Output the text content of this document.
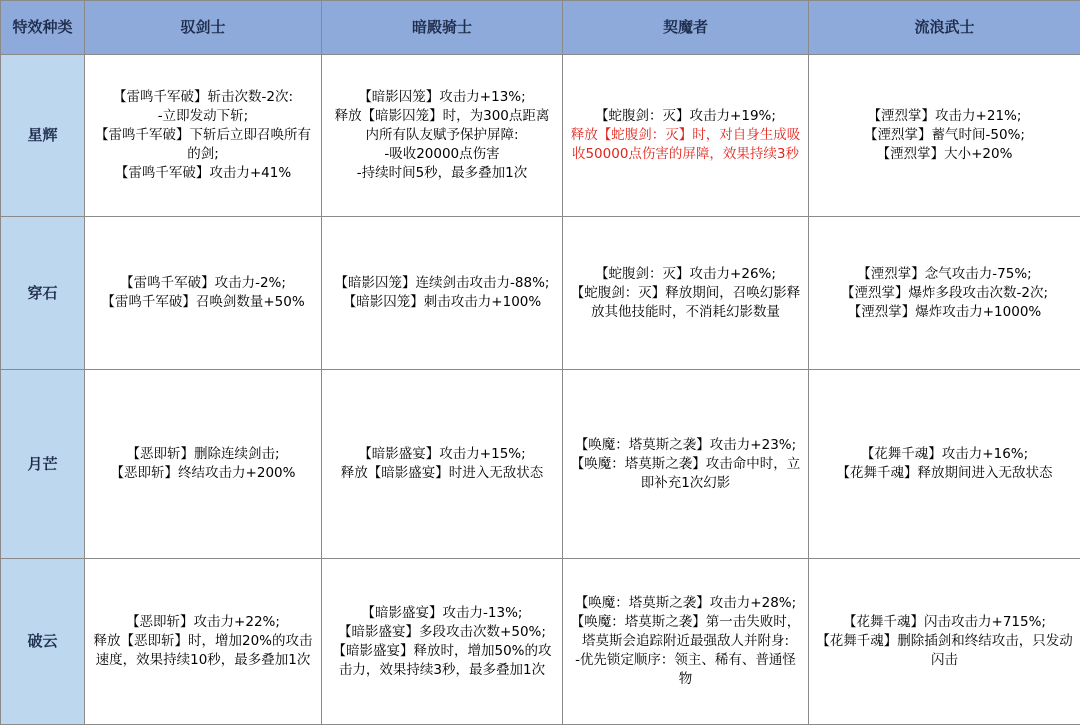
特效种类	驭剑士	暗殿骑士	契魔者	流浪武士
星辉	【雷鸣千军破】斩击次数-2次:
-立即发动下斩;
【雷鸣千军破】下斩后立即召唤所有的剑;
【雷鸣千军破】攻击力+41%	【暗影囚笼】攻击力+13%;
释放【暗影囚笼】时，为300点距离内所有队友赋予保护屏障:
-吸收20000点伤害
-持续时间5秒，最多叠加1次	【蛇腹剑：灭】攻击力+19%;
释放【蛇腹剑：灭】时，对自身生成吸收50000点伤害的屏障，效果持续3秒	【湮烈掌】攻击力+21%;
【湮烈掌】蓄气时间-50%;
【湮烈掌】大小+20%

穿石	【雷鸣千军破】攻击力-2%;
【雷鸣千军破】召唤剑数量+50%	【暗影囚笼】连续剑击攻击力-88%;
【暗影囚笼】刺击攻击力+100%	【蛇腹剑：灭】攻击力+26%;
【蛇腹剑：灭】释放期间，召唤幻影释放其他技能时，不消耗幻影数量	【湮烈掌】念气攻击力-75%;
【湮烈掌】爆炸多段攻击次数-2次;
【湮烈掌】爆炸攻击力+1000%

月芒	【恶即斩】删除连续剑击;
【恶即斩】终结攻击力+200%	【暗影盛宴】攻击力+15%;
释放【暗影盛宴】时进入无敌状态	【唤魔：塔莫斯之袭】攻击力+23%;
【唤魔：塔莫斯之袭】攻击命中时，立即补充1次幻影	【花舞千魂】攻击力+16%;
【花舞千魂】释放期间进入无敌状态

破云	【恶即斩】攻击力+22%;
释放【恶即斩】时，增加20%的攻击速度，效果持续10秒，最多叠加1次	【暗影盛宴】攻击力-13%;
【暗影盛宴】多段攻击次数+50%;
【暗影盛宴】释放时，增加50%的攻击力，效果持续3秒，最多叠加1次	【唤魔：塔莫斯之袭】攻击力+28%;
【唤魔：塔莫斯之袭】第一击失败时，塔莫斯会追踪附近最强敌人并附身:
-优先锁定顺序：领主、稀有、普通怪物	【花舞千魂】闪击攻击力+715%;
【花舞千魂】删除插剑和终结攻击，只发动闪击
